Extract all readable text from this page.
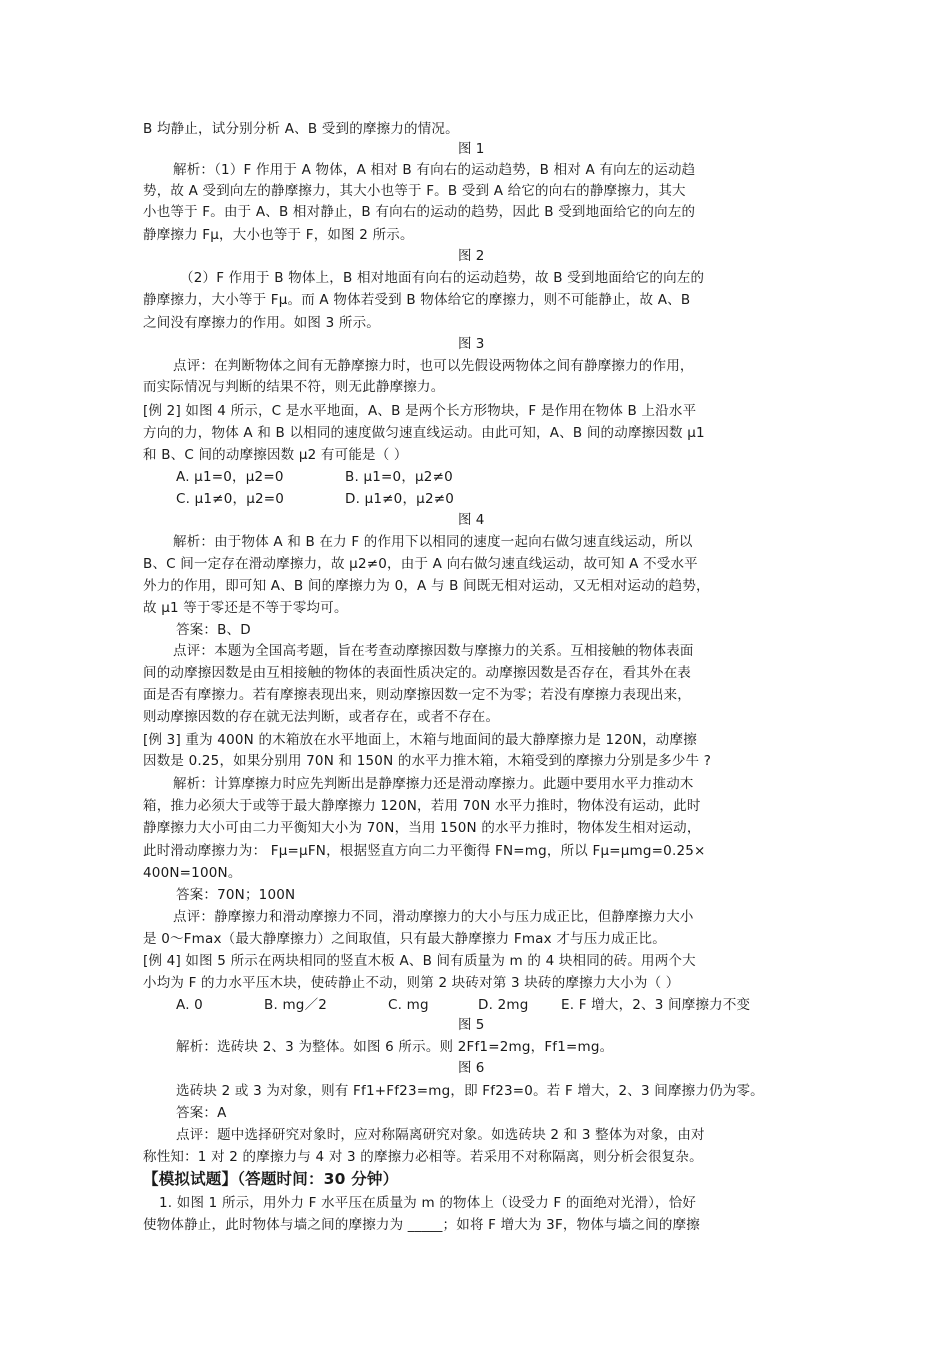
B 均静止，试分别分析 A、B 受到的摩擦力的情况。
图 1
解析：（1）F 作用于 A 物体，A 相对 B 有向右的运动趋势，B 相对 A 有向左的运动趋
势，故 A 受到向左的静摩擦力，其大小也等于 F。B 受到 A 给它的向右的静摩擦力，其大
小也等于 F。由于 A、B 相对静止，B 有向右的运动的趋势，因此 B 受到地面给它的向左的
静摩擦力 Fμ，大小也等于 F，如图 2 所示。
图 2
（2）F 作用于 B 物体上，B 相对地面有向右的运动趋势，故 B 受到地面给它的向左的
静摩擦力，大小等于 Fμ。而 A 物体若受到 B 物体给它的摩擦力，则不可能静止，故 A、B
之间没有摩擦力的作用。如图 3 所示。
图 3
点评：在判断物体之间有无静摩擦力时，也可以先假设两物体之间有静摩擦力的作用，
而实际情况与判断的结果不符，则无此静摩擦力。
[例 2] 如图 4 所示，C 是水平地面，A、B 是两个长方形物块，F 是作用在物体 B 上沿水平
方向的力，物体 A 和 B 以相同的速度做匀速直线运动。由此可知，A、B 间的动摩擦因数 μ1
和 B、C 间的动摩擦因数 μ2 有可能是（ ）
A. μ1=0，μ2=0	B. μ1=0，μ2≠0
C. μ1≠0，μ2=0	D. μ1≠0，μ2≠0
图 4
解析：由于物体 A 和 B 在力 F 的作用下以相同的速度一起向右做匀速直线运动，所以
B、C 间一定存在滑动摩擦力，故 μ2≠0，由于 A 向右做匀速直线运动，故可知 A 不受水平
外力的作用，即可知 A、B 间的摩擦力为 0，A 与 B 间既无相对运动，又无相对运动的趋势，
故 μ1 等于零还是不等于零均可。
答案：B、D
点评：本题为全国高考题，旨在考查动摩擦因数与摩擦力的关系。互相接触的物体表面
间的动摩擦因数是由互相接触的物体的表面性质决定的。动摩擦因数是否存在，看其外在表
面是否有摩擦力。若有摩擦表现出来，则动摩擦因数一定不为零；若没有摩擦力表现出来，
则动摩擦因数的存在就无法判断，或者存在，或者不存在。
[例 3] 重为 400N 的木箱放在水平地面上，木箱与地面间的最大静摩擦力是 120N，动摩擦
因数是 0.25，如果分别用 70N 和 150N 的水平力推木箱，木箱受到的摩擦力分别是多少牛 ?
解析：计算摩擦力时应先判断出是静摩擦力还是滑动摩擦力。此题中要用水平力推动木
箱，推力必须大于或等于最大静摩擦力 120N，若用 70N 水平力推时，物体没有运动，此时
静摩擦力大小可由二力平衡知大小为 70N，当用 150N 的水平力推时，物体发生相对运动，
此时滑动摩擦力为： Fμ=μFN，根据竖直方向二力平衡得 FN=mg，所以 Fμ=μmg=0.25×
400N=100N。
答案：70N；100N
点评：静摩擦力和滑动摩擦力不同，滑动摩擦力的大小与压力成正比，但静摩擦力大小
是 0～Fmax（最大静摩擦力）之间取值，只有最大静摩擦力 Fmax 才与压力成正比。
[例 4] 如图 5 所示在两块相同的竖直木板 A、B 间有质量为 m 的 4 块相同的砖。用两个大
小均为 F 的力水平压木块，使砖静止不动，则第 2 块砖对第 3 块砖的摩擦力大小为（ ）
A. 0	B. mg／2	C. mg	D. 2mg E. F 增大，2、3 间摩擦力不变
图 5
解析：选砖块 2、3 为整体。如图 6 所示。则 2Ff1=2mg，Ff1=mg。
图 6
选砖块 2 或 3 为对象，则有 Ff1+Ff23=mg，即 Ff23=0。若 F 增大，2、3 间摩擦力仍为零。
答案：A
点评：题中选择研究对象时，应对称隔离研究对象。如选砖块 2 和 3 整体为对象，由对
称性知：1 对 2 的摩擦力与 4 对 3 的摩擦力必相等。若采用不对称隔离，则分析会很复杂。
【模拟试题】（答题时间：30 分钟）
1. 如图 1 所示，用外力 F 水平压在质量为 m 的物体上（设受力 F 的面绝对光滑），恰好
使物体静止，此时物体与墙之间的摩擦力为 _____；如将 F 增大为 3F，物体与墙之间的摩擦
